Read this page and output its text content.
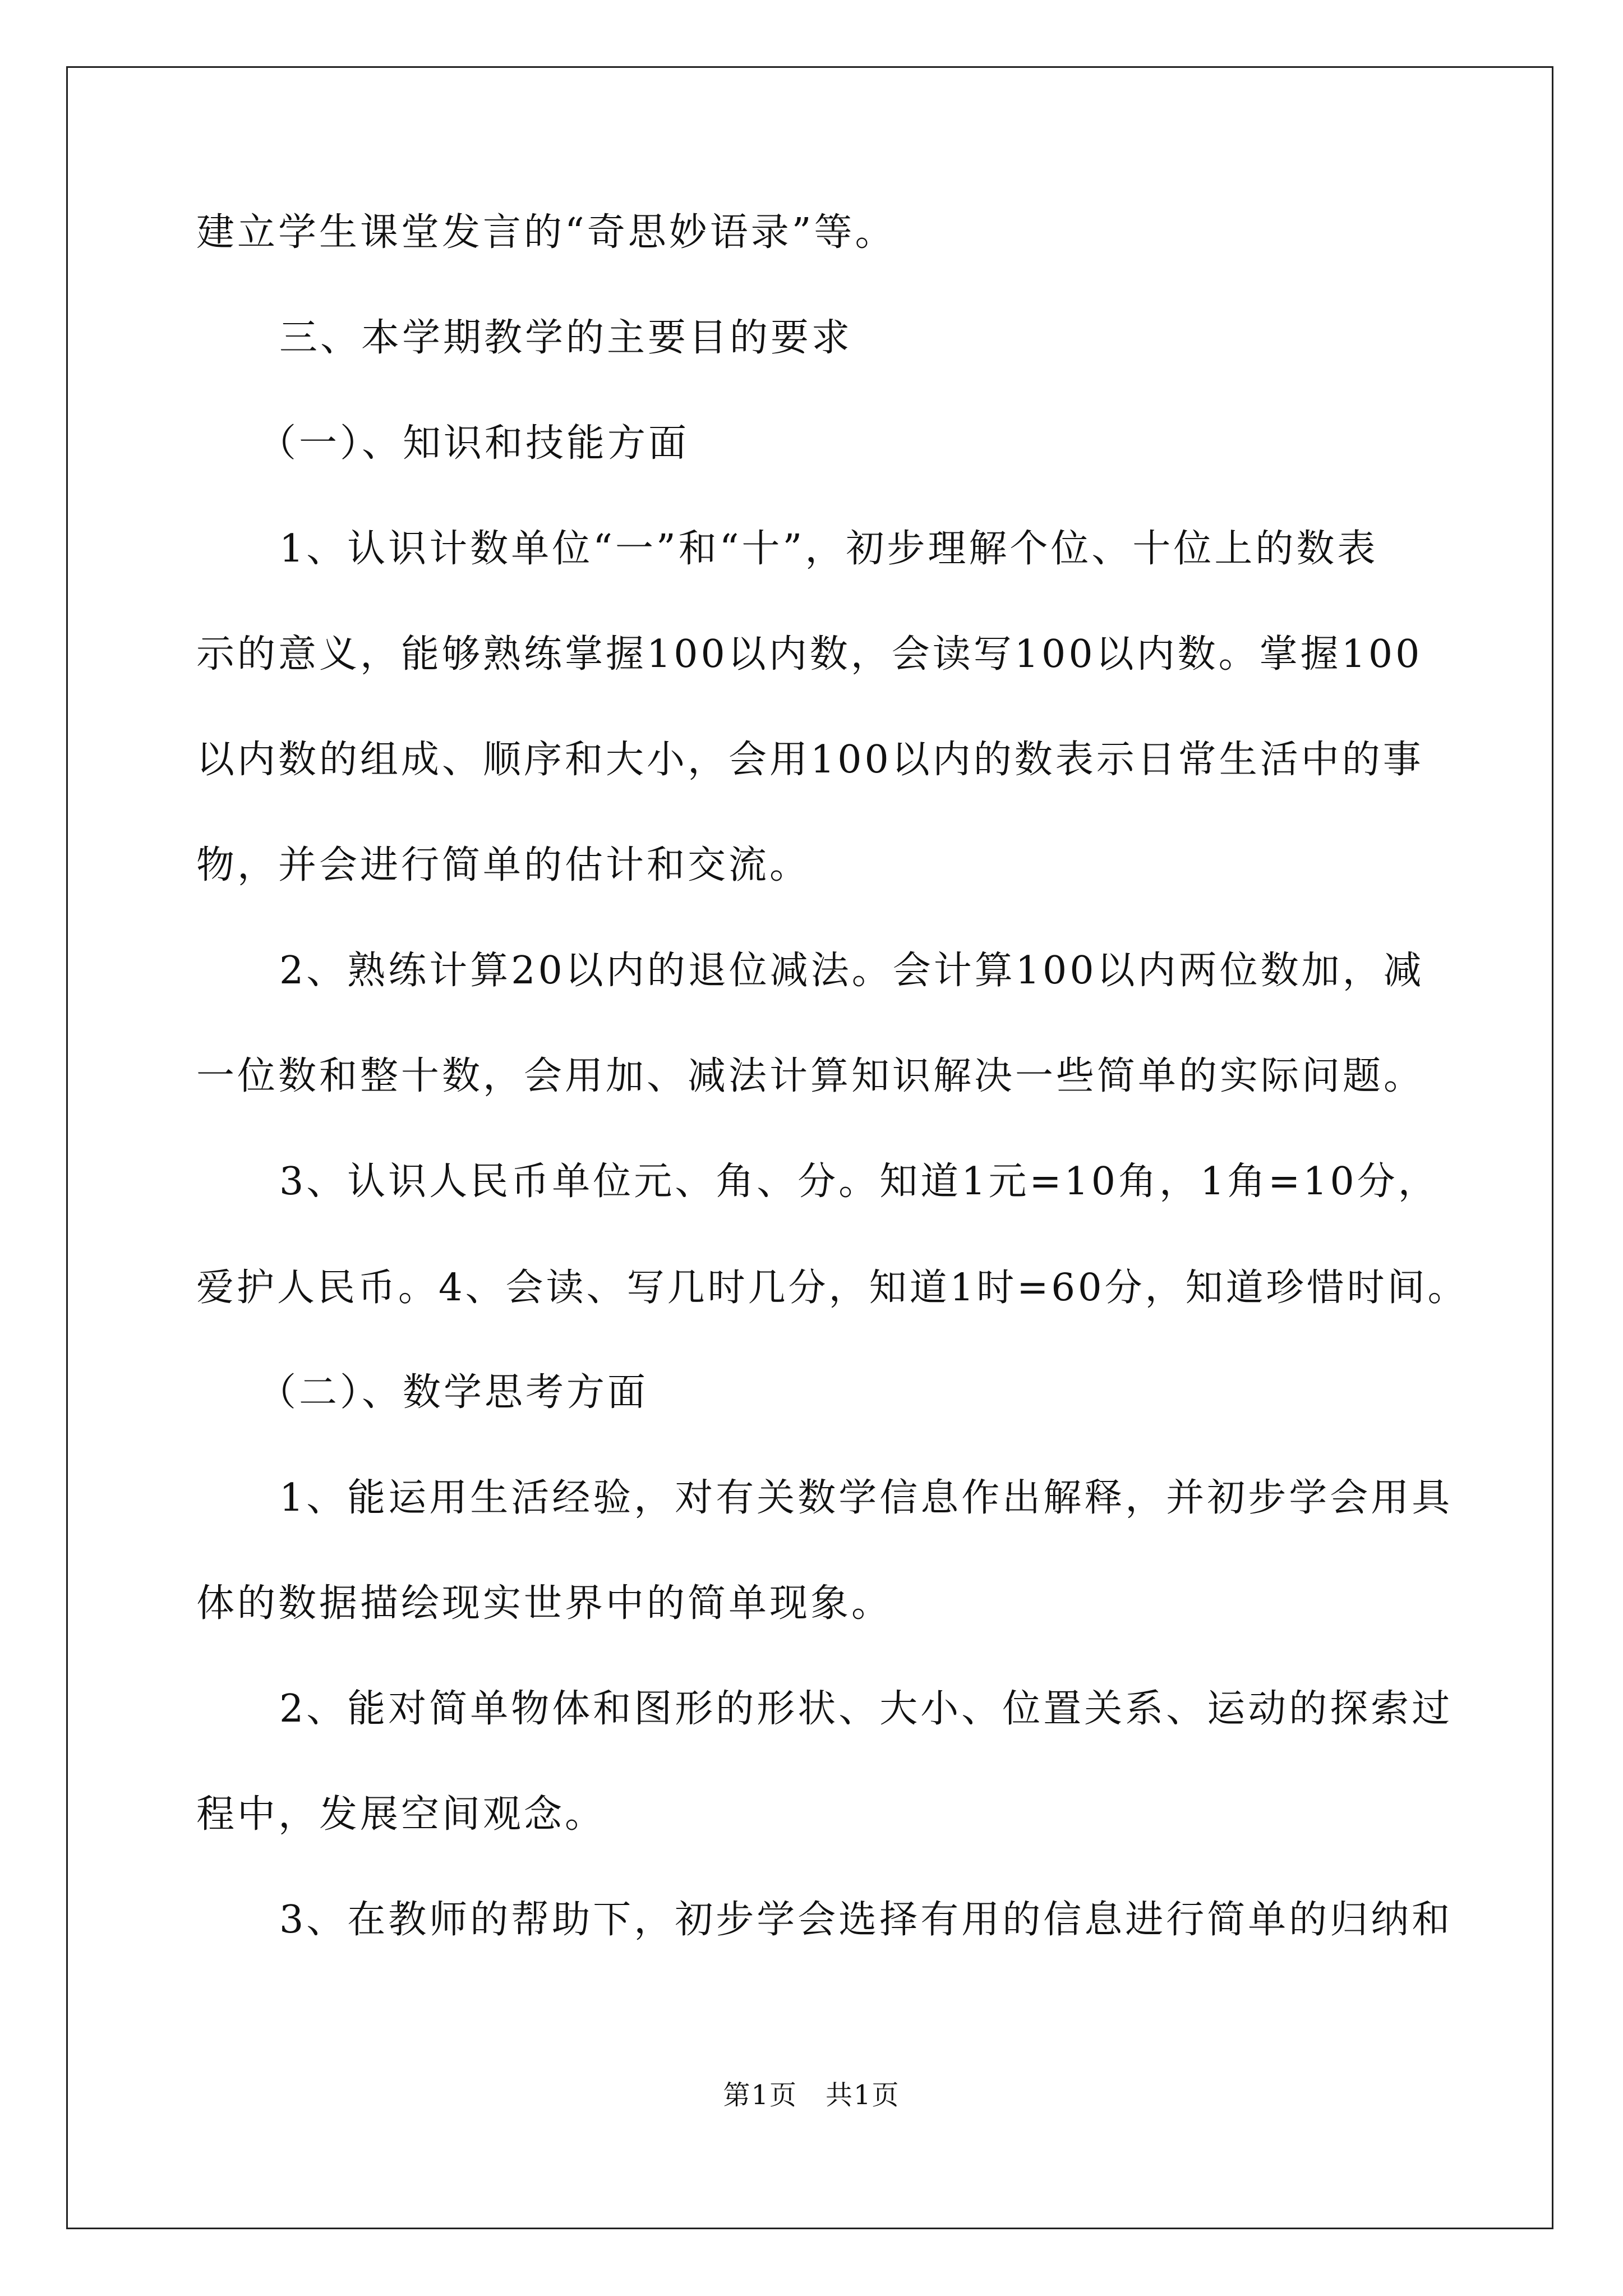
建立学生课堂发言的“奇思妙语录”等。
三、本学期教学的主要目的要求
（一）、知识和技能方面
1、认识计数单位“一”和“十”，初步理解个位、十位上的数表
示的意义，能够熟练掌握100以内数，会读写100以内数。掌握100
以内数的组成、顺序和大小，会用100以内的数表示日常生活中的事
物，并会进行简单的估计和交流。
2、熟练计算20以内的退位减法。会计算100以内两位数加，减
一位数和整十数，会用加、减法计算知识解决一些简单的实际问题。
3、认识人民币单位元、角、分。知道1元=10角，1角=10分，
爱护人民币。4、会读、写几时几分，知道1时=60分，知道珍惜时间。
（二）、数学思考方面
1、能运用生活经验，对有关数学信息作出解释，并初步学会用具
体的数据描绘现实世界中的简单现象。
2、能对简单物体和图形的形状、大小、位置关系、运动的探索过
程中，发展空间观念。
3、在教师的帮助下，初步学会选择有用的信息进行简单的归纳和
第1页　共1页
